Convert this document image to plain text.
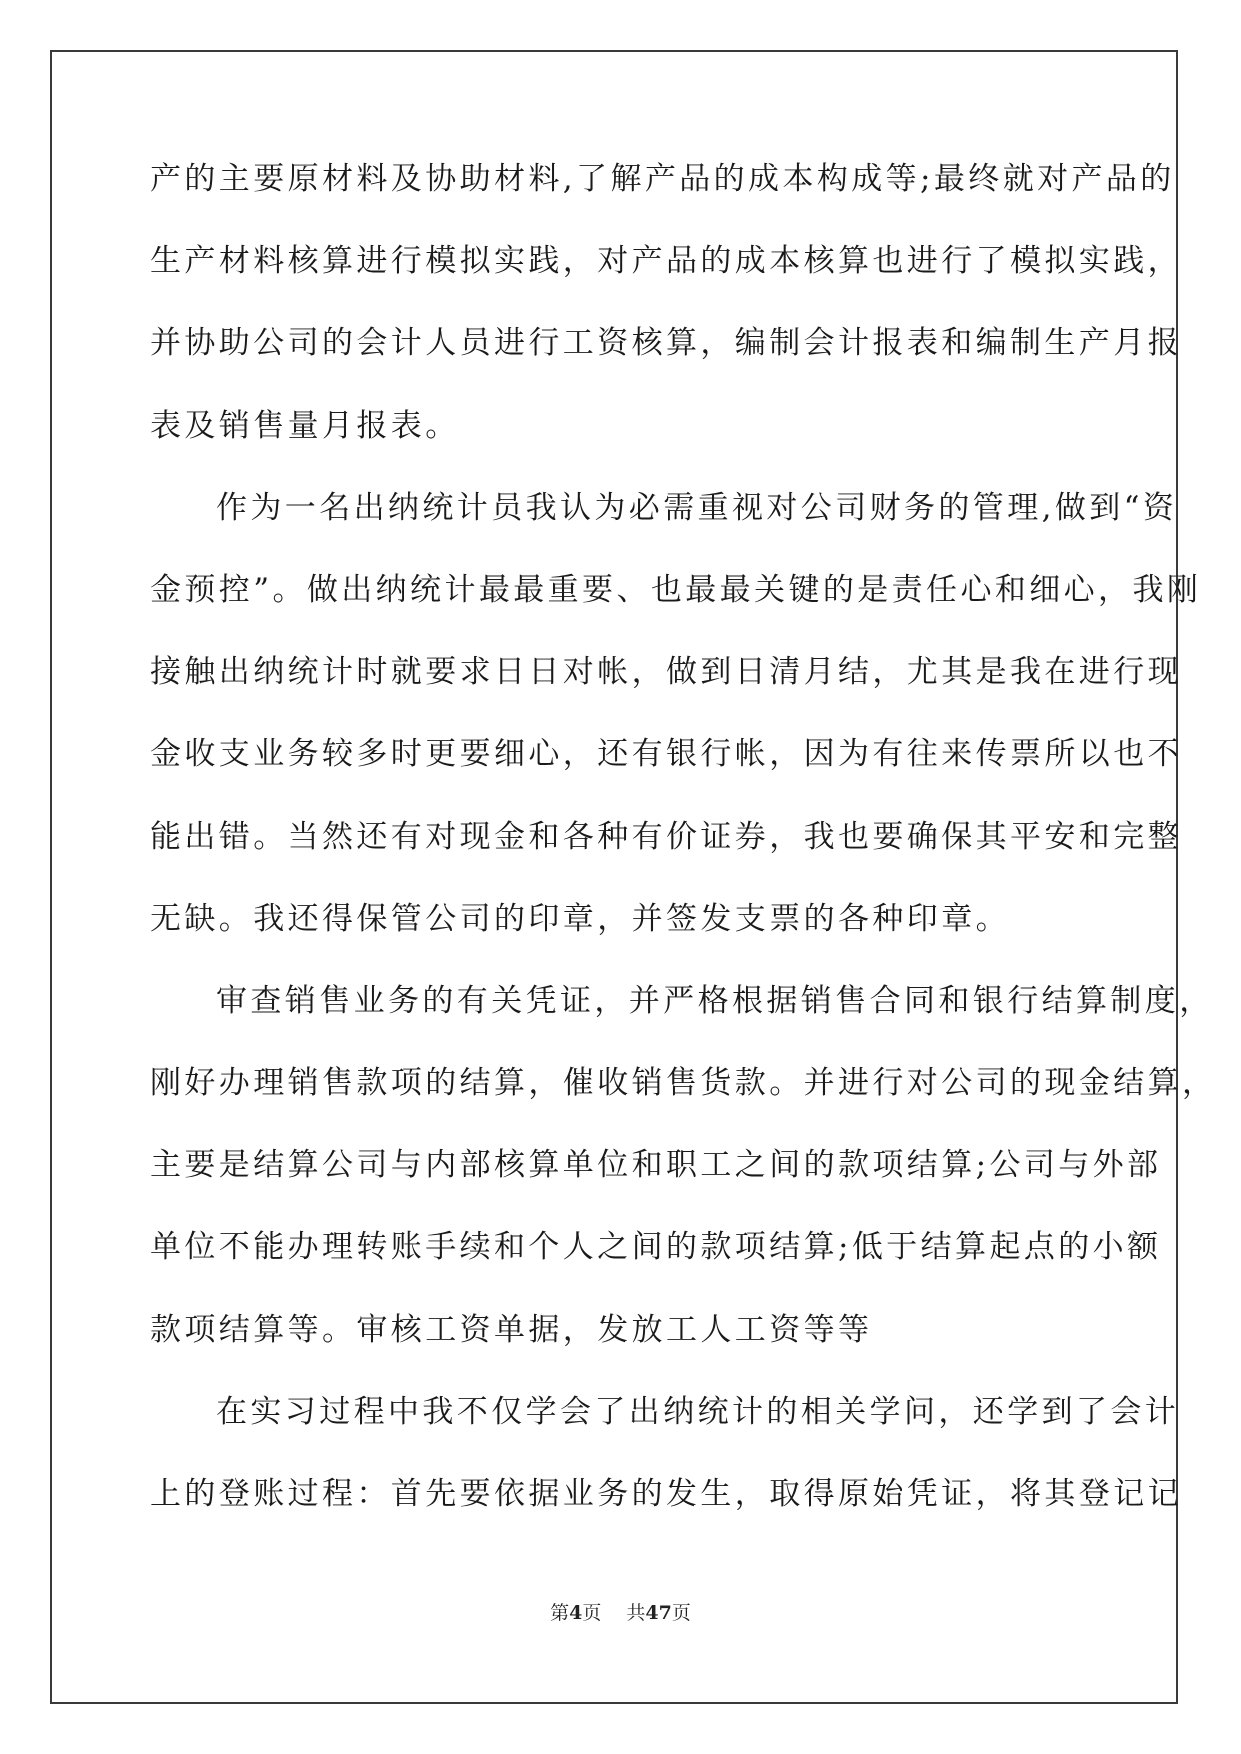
产的主要原材料及协助材料,了解产品的成本构成等;最终就对产品的
生产材料核算进行模拟实践，对产品的成本核算也进行了模拟实践，
并协助公司的会计人员进行工资核算，编制会计报表和编制生产月报
表及销售量月报表。
作为一名出纳统计员我认为必需重视对公司财务的管理,做到“资
金预控”。做出纳统计最最重要、也最最关键的是责任心和细心，我刚
接触出纳统计时就要求日日对帐，做到日清月结，尤其是我在进行现
金收支业务较多时更要细心，还有银行帐，因为有往来传票所以也不
能出错。当然还有对现金和各种有价证券，我也要确保其平安和完整
无缺。我还得保管公司的印章，并签发支票的各种印章。
审查销售业务的有关凭证，并严格根据销售合同和银行结算制度，
刚好办理销售款项的结算，催收销售货款。并进行对公司的现金结算，
主要是结算公司与内部核算单位和职工之间的款项结算;公司与外部
单位不能办理转账手续和个人之间的款项结算;低于结算起点的小额
款项结算等。审核工资单据，发放工人工资等等
在实习过程中我不仅学会了出纳统计的相关学问，还学到了会计
上的登账过程：首先要依据业务的发生，取得原始凭证，将其登记记
第4页   共47页
